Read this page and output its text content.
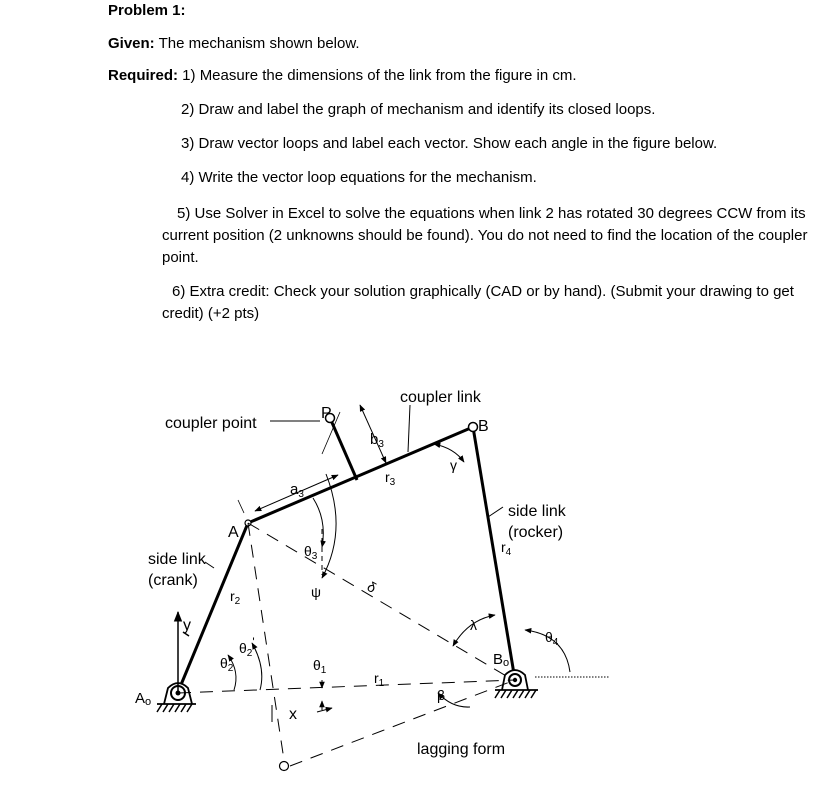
Problem 1:
Given: The mechanism shown below.
Required: 1) Measure the dimensions of the link from the figure in cm.
2) Draw and label the graph of mechanism and identify its closed loops.
3) Draw vector loops and label each vector. Show each angle in the figure below.
4) Write the vector loop equations for the mechanism.
5) Use Solver in Excel to solve the equations when link 2 has rotated 30 degrees CCW from its current position (2 unknowns should be found). You do not need to find the location of the coupler point.
6) Extra credit: Check your solution graphically (CAD or by hand). (Submit your drawing to get credit) (+2 pts)
coupler link
coupler point
P
B
A
Ao
Bo
$b_3$
$r_3$
$a_3$
γ
$\theta_3$
ψ	δ
side link
(rocker)
$r_4$
side link
(crank)
$r_2$
y
x
$\theta_2$
$\theta_2'$
$\theta_1$	$r_1$
λ
β
$\theta_4$
lagging form
